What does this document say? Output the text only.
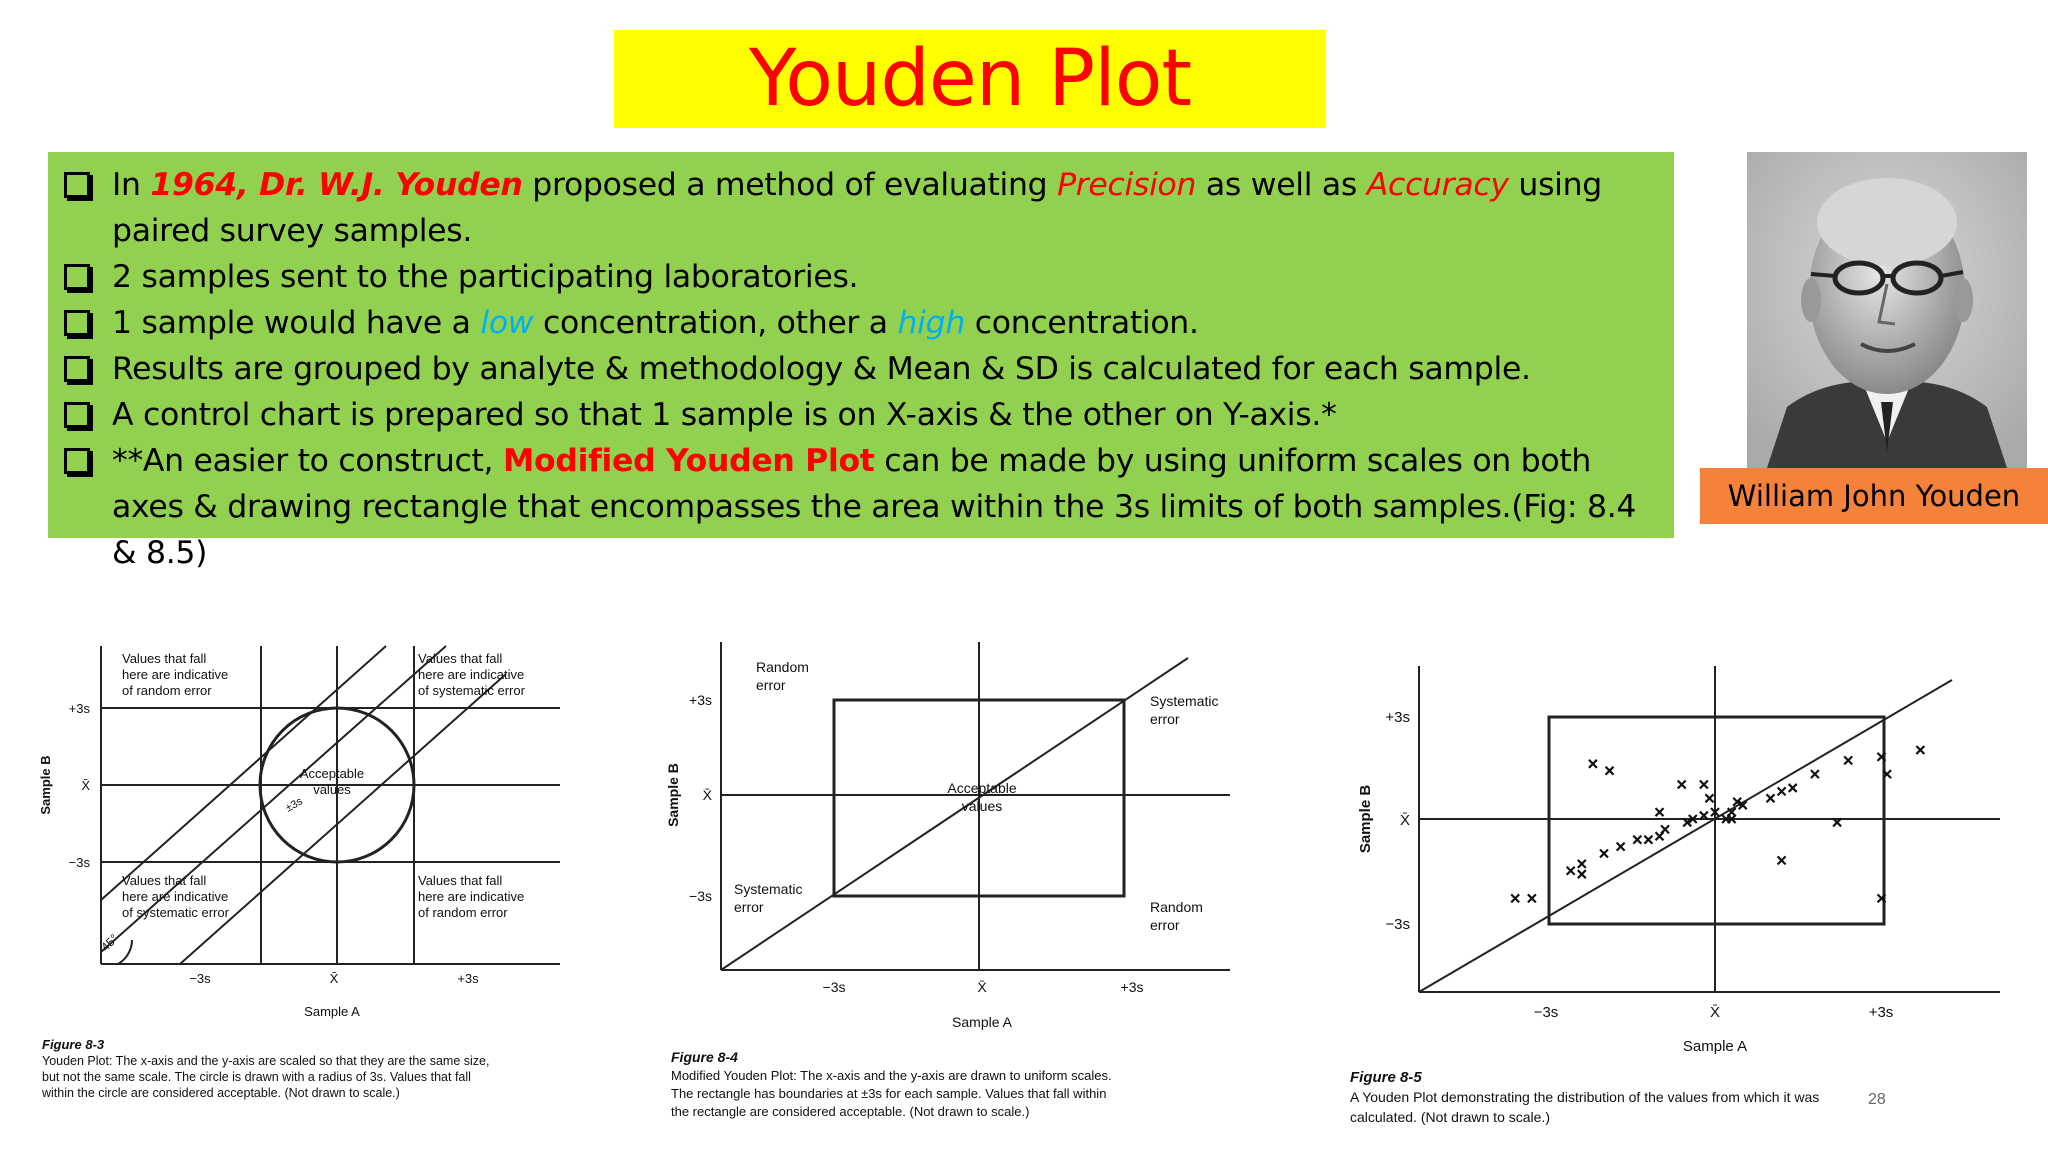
Youden Plot
In 1964, Dr. W.J. Youden proposed a method of evaluating Precision as well as Accuracy using paired survey samples.
2 samples sent to the participating laboratories.
1 sample would have a low concentration, other a high concentration.
Results are grouped by analyte & methodology & Mean & SD is calculated for each sample.
A control chart is prepared so that 1 sample is on X-axis & the other on Y-axis.*
**An easier to construct, Modified Youden Plot can be made by using uniform scales on both axes & drawing rectangle that encompasses the area within the 3s limits of both samples.(Fig: 8.4 & 8.5)
William John Youden
Values that fall
here are indicative
of random error
Values that fall
here are indicative
of systematic error
Values that fall
here are indicative
of systematic error
Values that fall
here are indicative
of random error
Acceptable
values
±3s
45°
+3s
X̄
−3s
−3s	X̄	+3s
Sample B
Sample A
Figure 8-3
Youden Plot: The x-axis and the y-axis are scaled so that they are the same size,
but not the same scale. The circle is drawn with a radius of 3s. Values that fall
within the circle are considered acceptable. (Not drawn to scale.)
Random
error
Systematic
error
Systematic
error	Random
error
Acceptable
values
+3s
X̄
−3s
−3s	X̄	+3s
Sample B
Sample A
Figure 8-4
Modified Youden Plot: The x-axis and the y-axis are drawn to uniform scales.
The rectangle has boundaries at ±3s for each sample. Values that fall within
the rectangle are considered acceptable. (Not drawn to scale.)
+3s
X̄
−3s
−3s	X̄	+3s
Sample B
Sample A
Figure 8-5
A Youden Plot demonstrating the distribution of the values from which it was
calculated. (Not drawn to scale.)
28
